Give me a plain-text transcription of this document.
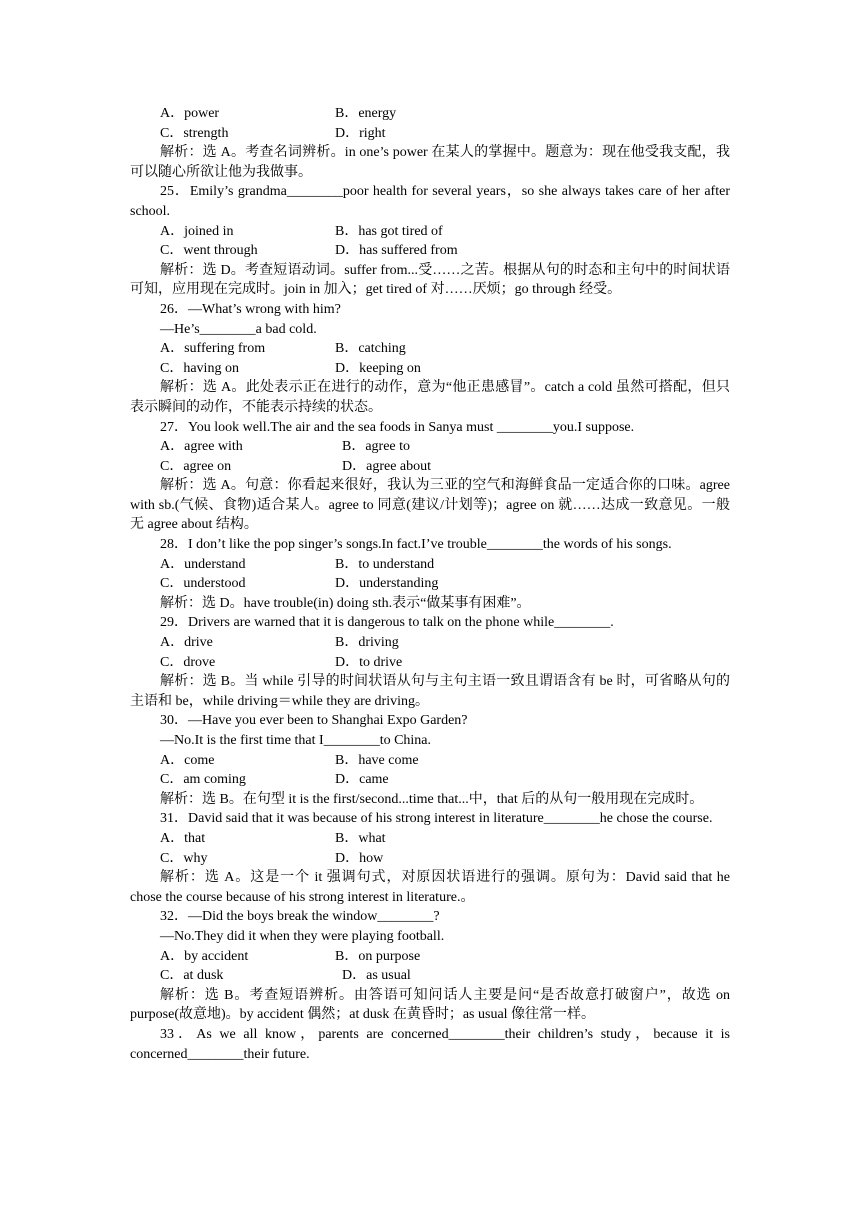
A．power	B．energy
C．strength	D．right
解析：选 A。考查名词辨析。in one’s power 在某人的掌握中。题意为：现在他受我支配，我可以随心所欲让他为我做事。
25．Emily’s grandma________poor health for several years，so she always takes care of her after school.
A．joined in	B．has got tired of
C．went through	D．has suffered from
解析：选 D。考查短语动词。suffer from...受……之苦。根据从句的时态和主句中的时间状语可知，应用现在完成时。join in 加入；get tired of 对……厌烦；go through 经受。
26．—What’s wrong with him?
—He’s________a bad cold.
A．suffering from	B．catching
C．having on	D．keeping on
解析：选 A。此处表示正在进行的动作，意为“他正患感冒”。catch a cold 虽然可搭配，但只表示瞬间的动作，不能表示持续的状态。
27．You look well.The air and the sea foods in Sanya must ________you.I suppose.
A．agree with	B．agree to
C．agree on	D．agree about
解析：选 A。句意：你看起来很好，我认为三亚的空气和海鲜食品一定适合你的口味。agree with sb.(气候、食物)适合某人。agree to 同意(建议/计划等)；agree on 就……达成一致意见。一般无 agree about 结构。
28．I don’t like the pop singer’s songs.In fact.I’ve trouble________the words of his songs.
A．understand	B．to understand
C．understood	D．understanding
解析：选 D。have trouble(in) doing sth.表示“做某事有困难”。
29．Drivers are warned that it is dangerous to talk on the phone while________.
A．drive	B．driving
C．drove	D．to drive
解析：选 B。当 while 引导的时间状语从句与主句主语一致且谓语含有 be 时，可省略从句的主语和 be，while driving＝while they are driving。
30．—Have you ever been to Shanghai Expo Garden?
—No.It is the first time that I________to China.
A．come	B．have come
C．am coming	D．came
解析：选 B。在句型 it is the first/second...time that...中，that 后的从句一般用现在完成时。
31．David said that it was because of his strong interest in literature________he chose the course.
A．that	B．what
C．why	D．how
解析：选 A。这是一个 it 强调句式，对原因状语进行的强调。原句为：David said that he chose the course because of his strong interest in literature.。
32．—Did the boys break the window________?
—No.They did it when they were playing football.
A．by accident	B．on purpose
C．at dusk	D．as usual
解析：选 B。考查短语辨析。由答语可知问话人主要是问“是否故意打破窗户”，故选 on purpose(故意地)。by accident 偶然；at dusk 在黄昏时；as usual 像往常一样。
33．As we all know，parents are concerned________their children’s study，because it is concerned________their future.
